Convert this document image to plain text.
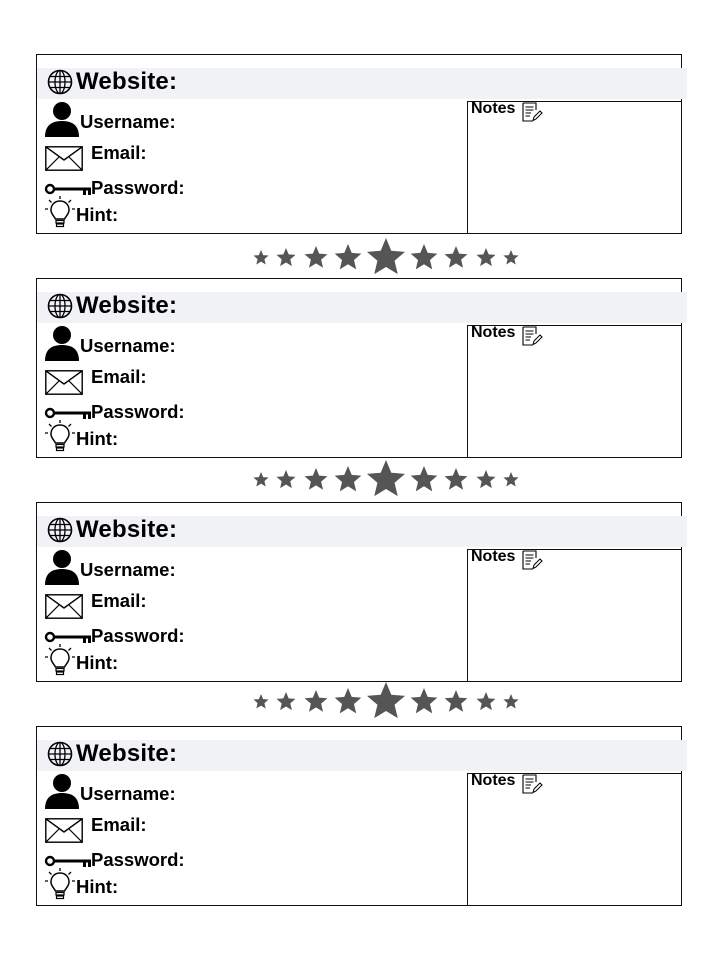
Website:
Username:
Email:
Password:
Hint:
Notes
Website:
Username:
Email:
Password:
Hint:
Notes
Website:
Username:
Email:
Password:
Hint:
Notes
Website:
Username:
Email:
Password:
Hint:
Notes
